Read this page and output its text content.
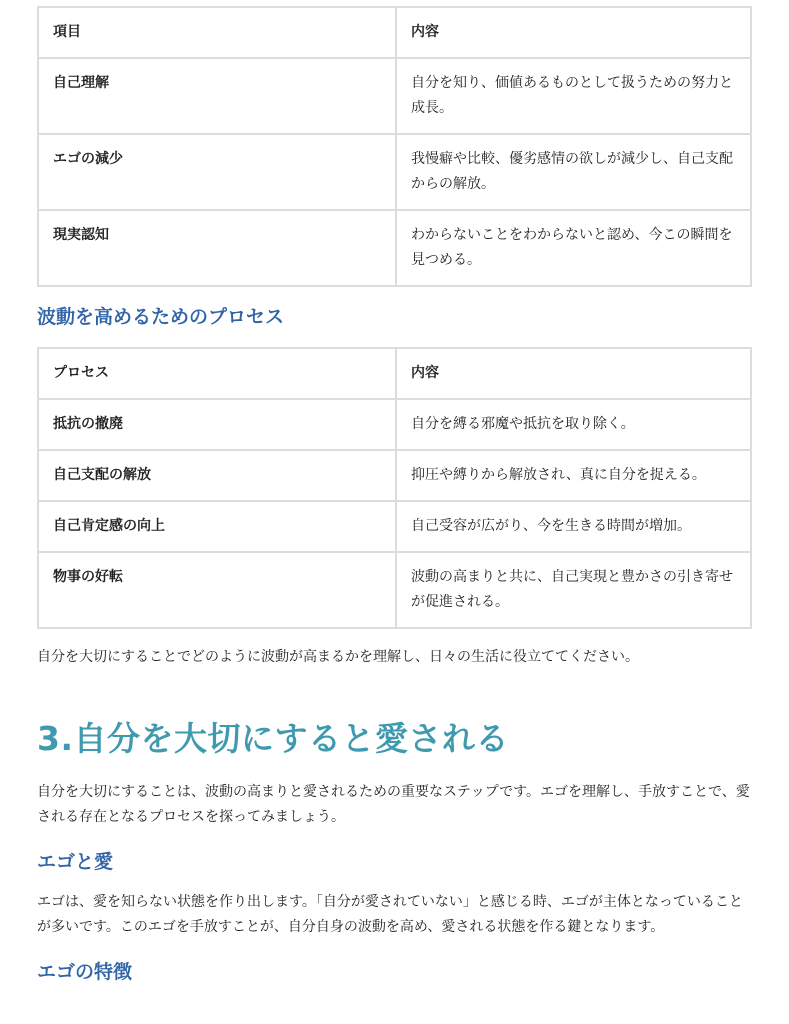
項目	内容
自己理解	自分を知り、価値あるものとして扱うための努力と成長。
エゴの減少	我慢癖や比較、優劣感情の欲しが減少し、自己支配からの解放。
現実認知	わからないことをわからないと認め、今この瞬間を見つめる。
波動を高めるためのプロセス
プロセス	内容
抵抗の撤廃	自分を縛る邪魔や抵抗を取り除く。
自己支配の解放	抑圧や縛りから解放され、真に自分を捉える。
自己肯定感の向上	自己受容が広がり、今を生きる時間が増加。
物事の好転	波動の高まりと共に、自己実現と豊かさの引き寄せが促進される。

自分を大切にすることでどのように波動が高まるかを理解し、日々の生活に役立ててください。

3.自分を大切にすると愛される

自分を大切にすることは、波動の高まりと愛されるための重要なステップです。エゴを理解し、手放すことで、愛される存在となるプロセスを探ってみましょう。

エゴと愛

エゴは、愛を知らない状態を作り出します。「自分が愛されていない」と感じる時、エゴが主体となっていることが多いです。このエゴを手放すことが、自分自身の波動を高め、愛される状態を作る鍵となります。

エゴの特徴
